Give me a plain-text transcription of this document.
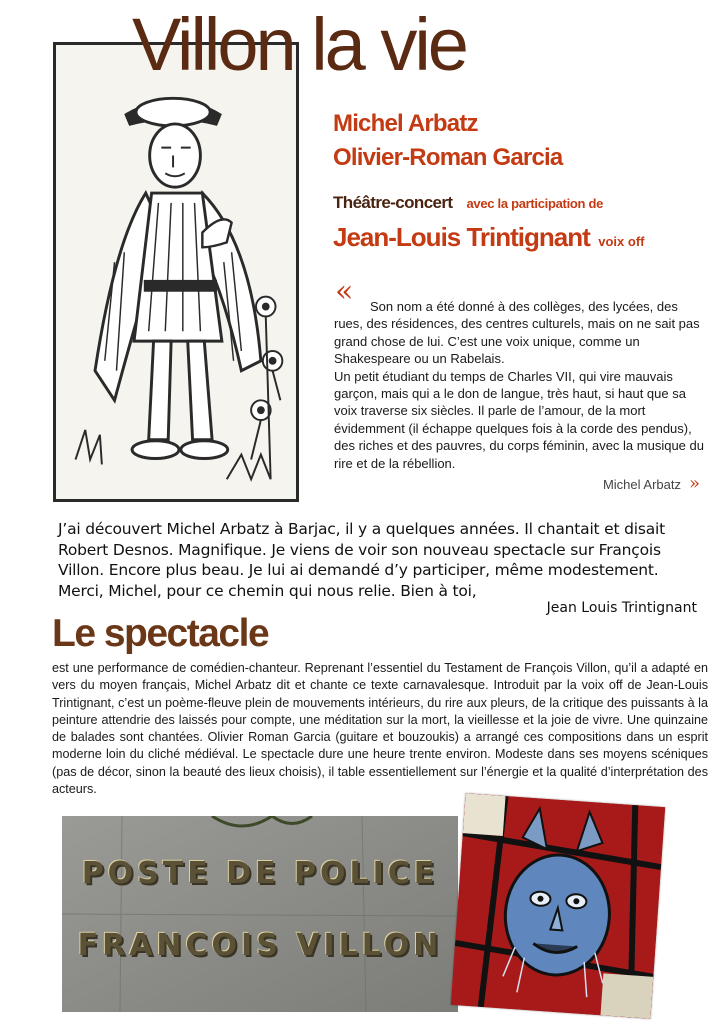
Villon la vie
Michel Arbatz
Olivier-Roman Garcia
Théâtre-concert avec la participation de
Jean-Louis Trintignant voix off
«	Son nom a été donné à des collèges, des lycées, des rues, des résidences, des centres culturels, mais on ne sait pas grand chose de lui. C’est une voix unique, comme un Shakespeare ou un Rabelais.

Un petit étudiant du temps de Charles VII, qui vire mauvais garçon, mais qui a le don de langue, très haut, si haut que sa voix traverse six siècles. Il parle de l’amour, de la mort évidemment (il échappe quelques fois à la corde des pendus), des riches et des pauvres, du corps féminin, avec la musique du rire et de la rébellion.

Michel Arbatz »

J’ai découvert Michel Arbatz à Barjac, il y a quelques années. Il chantait et disait Robert Desnos. Magnifique. Je viens de voir son nouveau spectacle sur François Villon. Encore plus beau. Je lui ai demandé d’y participer, même modestement. Merci, Michel, pour ce chemin qui nous relie. Bien à toi,

Jean Louis Trintignant
Le spectacle

est une performance de comédien-chanteur. Reprenant l’essentiel du Testament de François Villon, qu’il a adapté en vers du moyen français, Michel Arbatz dit et chante ce texte carnavalesque. Introduit par la voix off de Jean-Louis Trintignant, c’est un poème-fleuve plein de mouvements intérieurs, du rire aux pleurs, de la critique des puissants à la peinture attendrie des laissés pour compte, une méditation sur la mort, la vieillesse et la joie de vivre. Une quinzaine de balades sont chantées. Olivier Roman Garcia (guitare et bouzoukis) a arrangé ces compositions dans un esprit moderne loin du cliché médiéval. Le spectacle dure une heure trente environ. Modeste dans ses moyens scéniques (pas de décor, sinon la beauté des lieux choisis), il table essentiellement sur l’énergie et la qualité d’interprétation des acteurs.

POSTE DE POLICE
FRANCOIS VILLON
